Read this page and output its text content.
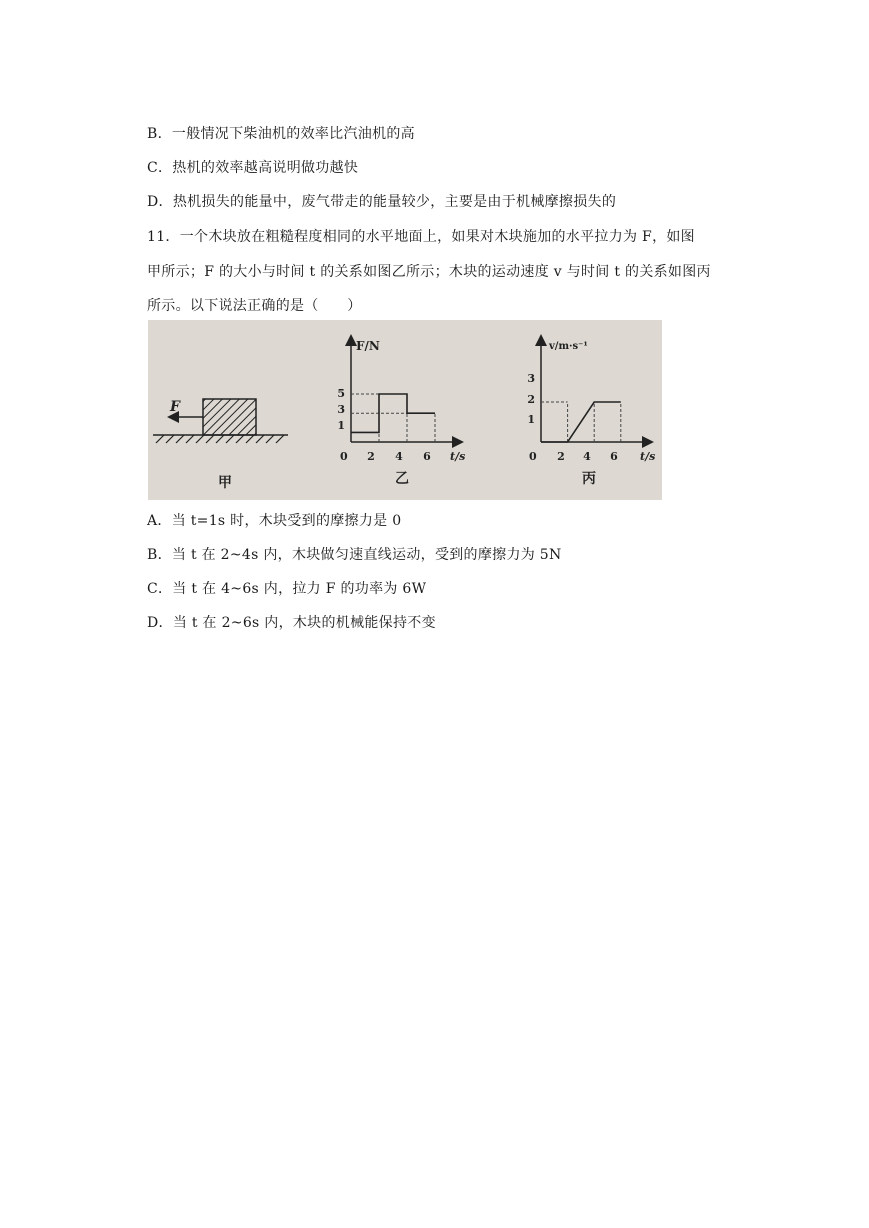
B．一般情况下柴油机的效率比汽油机的高
C．热机的效率越高说明做功越快
D．热机损失的能量中，废气带走的能量较少，主要是由于机械摩擦损失的
11．一个木块放在粗糙程度相同的水平地面上，如果对木块施加的水平拉力为 F，如图
甲所示；F 的大小与时间 t 的关系如图乙所示；木块的运动速度 v 与时间 t 的关系如图丙
所示。以下说法正确的是（　　）
F
甲
F/N
t/s
0 2 4 6
5
3
1
乙
v/m·s⁻¹
t/s
0 2 4 6
3
2
1
丙
A．当 t=1s 时，木块受到的摩擦力是 0
B．当 t 在 2~4s 内，木块做匀速直线运动，受到的摩擦力为 5N
C．当 t 在 4~6s 内，拉力 F 的功率为 6W
D．当 t 在 2~6s 内，木块的机械能保持不变
